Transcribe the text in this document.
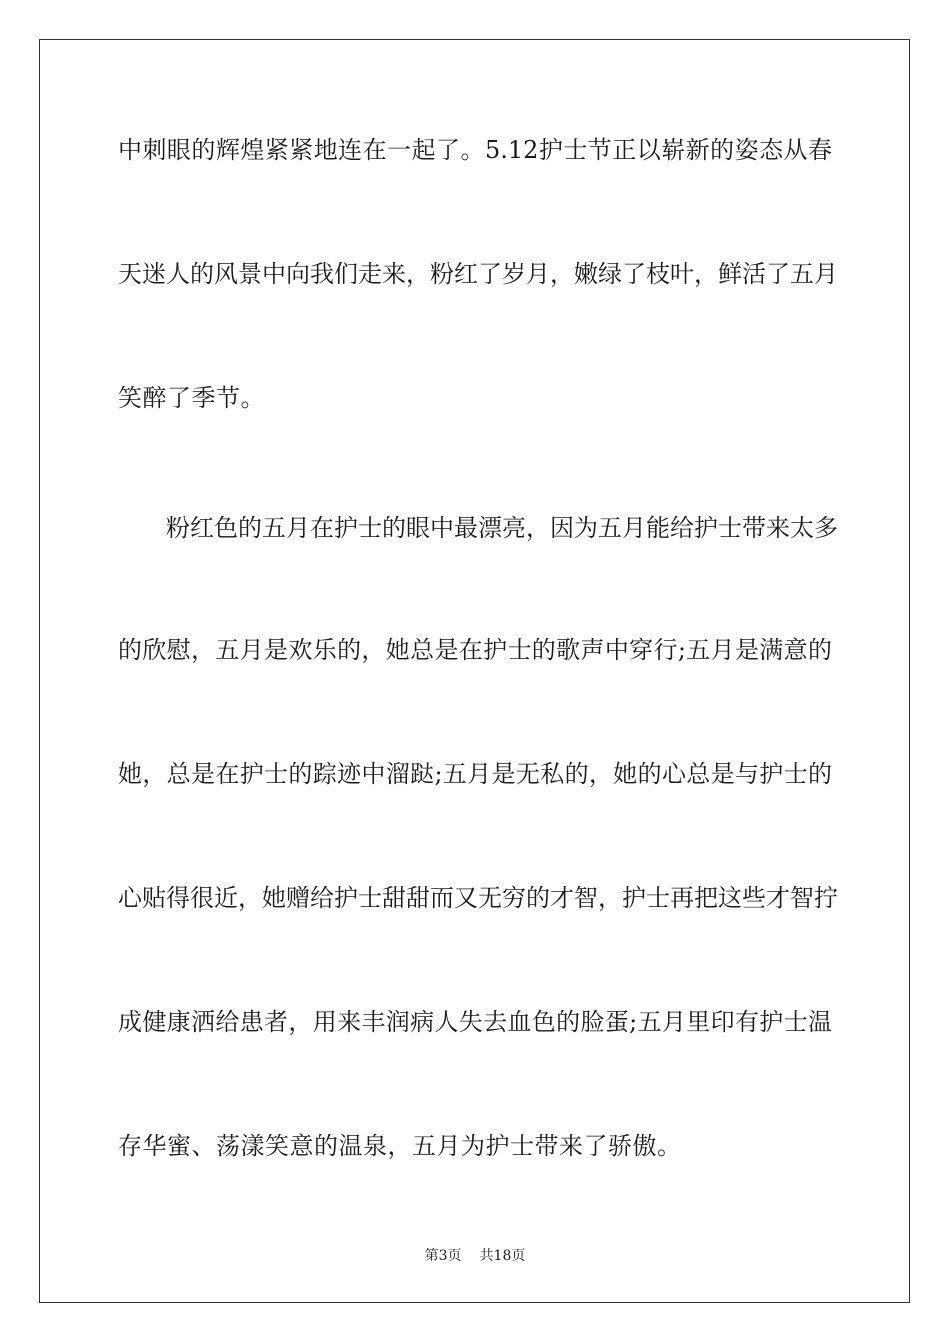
中刺眼的辉煌紧紧地连在一起了。5.12护士节正以崭新的姿态从春
天迷人的风景中向我们走来，粉红了岁月，嫩绿了枝叶，鲜活了五月
笑醉了季节。
粉红色的五月在护士的眼中最漂亮，因为五月能给护士带来太多
的欣慰，五月是欢乐的，她总是在护士的歌声中穿行;五月是满意的
她，总是在护士的踪迹中溜跶;五月是无私的，她的心总是与护士的
心贴得很近，她赠给护士甜甜而又无穷的才智，护士再把这些才智拧
成健康洒给患者，用来丰润病人失去血色的脸蛋;五月里印有护士温
存华蜜、荡漾笑意的温泉，五月为护士带来了骄傲。
第3页 共18页
